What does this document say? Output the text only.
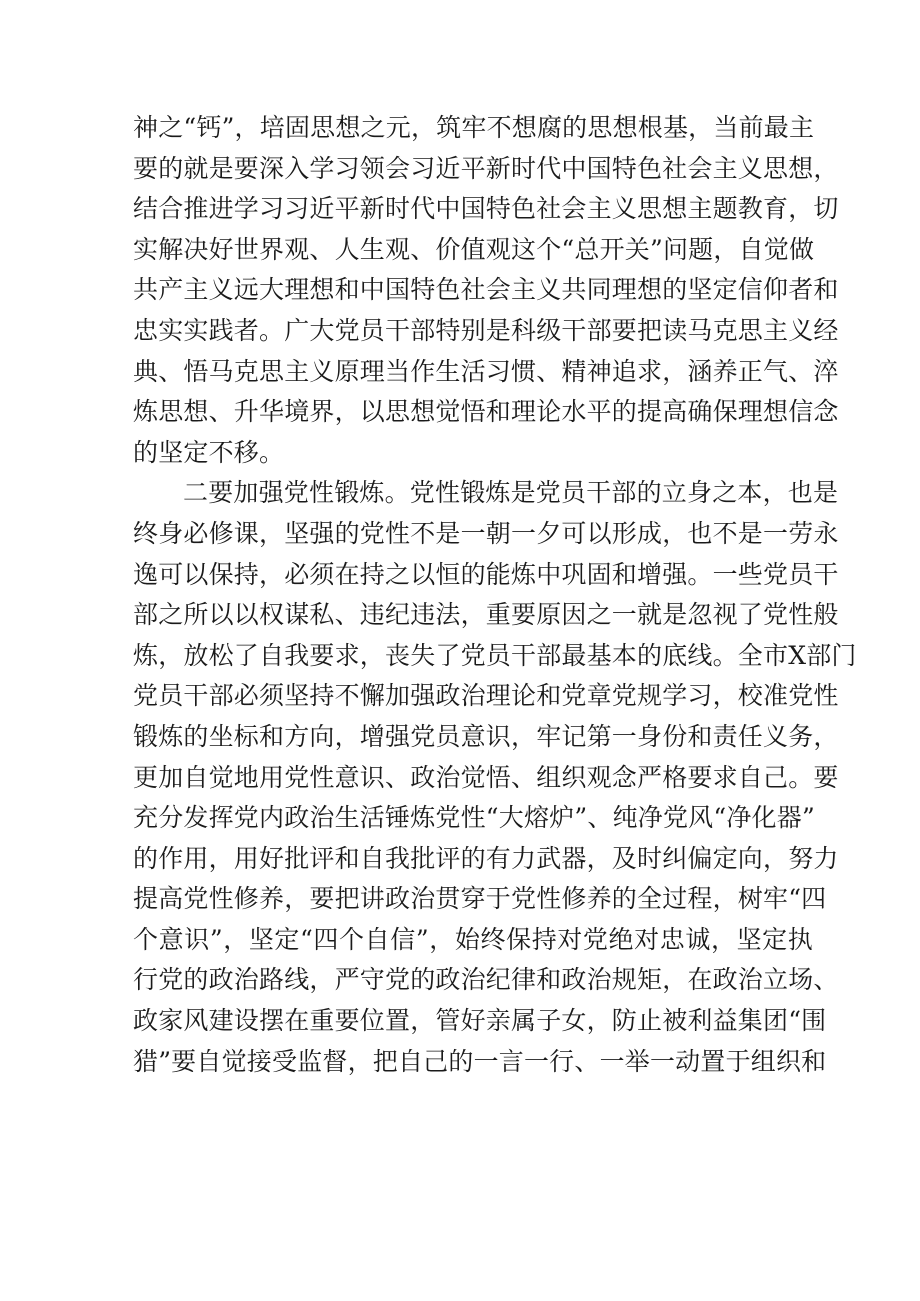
神之“钙”，培固思想之元，筑牢不想腐的思想根基，当前最主
要的就是要深入学习领会习近平新时代中国特色社会主义思想，
结合推进学习习近平新时代中国特色社会主义思想主题教育，切
实解决好世界观、人生观、价值观这个“总开关”问题，自觉做
共产主义远大理想和中国特色社会主义共同理想的坚定信仰者和
忠实实践者。广大党员干部特别是科级干部要把读马克思主义经
典、悟马克思主义原理当作生活习惯、精神追求，涵养正气、淬
炼思想、升华境界，以思想觉悟和理论水平的提高确保理想信念
的坚定不移。
二要加强党性锻炼。党性锻炼是党员干部的立身之本，也是
终身必修课，坚强的党性不是一朝一夕可以形成，也不是一劳永
逸可以保持，必须在持之以恒的能炼中巩固和增强。一些党员干
部之所以以权谋私、违纪违法，重要原因之一就是忽视了党性般
炼，放松了自我要求，丧失了党员干部最基本的底线。全市X部门
党员干部必须坚持不懈加强政治理论和党章党规学习，校准党性
锻炼的坐标和方向，增强党员意识，牢记第一身份和责任义务，
更加自觉地用党性意识、政治觉悟、组织观念严格要求自己。要
充分发挥党内政治生活锤炼党性“大熔炉”、纯净党风“净化器”
的作用，用好批评和自我批评的有力武器，及时纠偏定向，努力
提高党性修养，要把讲政治贯穿于党性修养的全过程，树牢“四
个意识”，坚定“四个自信”，始终保持对党绝对忠诚，坚定执
行党的政治路线，严守党的政治纪律和政治规矩，在政治立场、
政家风建设摆在重要位置，管好亲属子女，防止被利益集团“围
猎”要自觉接受监督，把自己的一言一行、一举一动置于组织和
